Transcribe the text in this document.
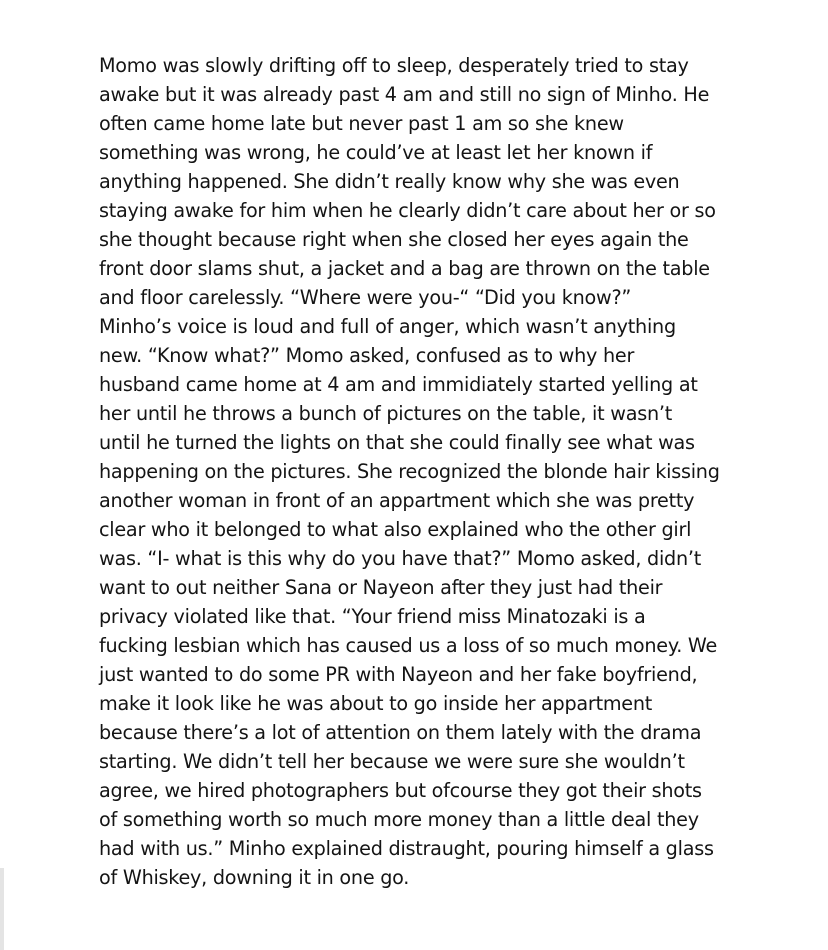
Momo was slowly drifting off to sleep, desperately tried to stay
awake but it was already past 4 am and still no sign of Minho. He
often came home late but never past 1 am so she knew
something was wrong, he could’ve at least let her known if
anything happened. She didn’t really know why she was even
staying awake for him when he clearly didn’t care about her or so
she thought because right when she closed her eyes again the
front door slams shut, a jacket and a bag are thrown on the table
and floor carelessly. “Where were you-“ “Did you know?”
Minho’s voice is loud and full of anger, which wasn’t anything
new. “Know what?” Momo asked, confused as to why her
husband came home at 4 am and immidiately started yelling at
her until he throws a bunch of pictures on the table, it wasn’t
until he turned the lights on that she could finally see what was
happening on the pictures. She recognized the blonde hair kissing
another woman in front of an appartment which she was pretty
clear who it belonged to what also explained who the other girl
was. “I- what is this why do you have that?” Momo asked, didn’t
want to out neither Sana or Nayeon after they just had their
privacy violated like that. “Your friend miss Minatozaki is a
fucking lesbian which has caused us a loss of so much money. We
just wanted to do some PR with Nayeon and her fake boyfriend,
make it look like he was about to go inside her appartment
because there’s a lot of attention on them lately with the drama
starting. We didn’t tell her because we were sure she wouldn’t
agree, we hired photographers but ofcourse they got their shots
of something worth so much more money than a little deal they
had with us.” Minho explained distraught, pouring himself a glass
of Whiskey, downing it in one go.
